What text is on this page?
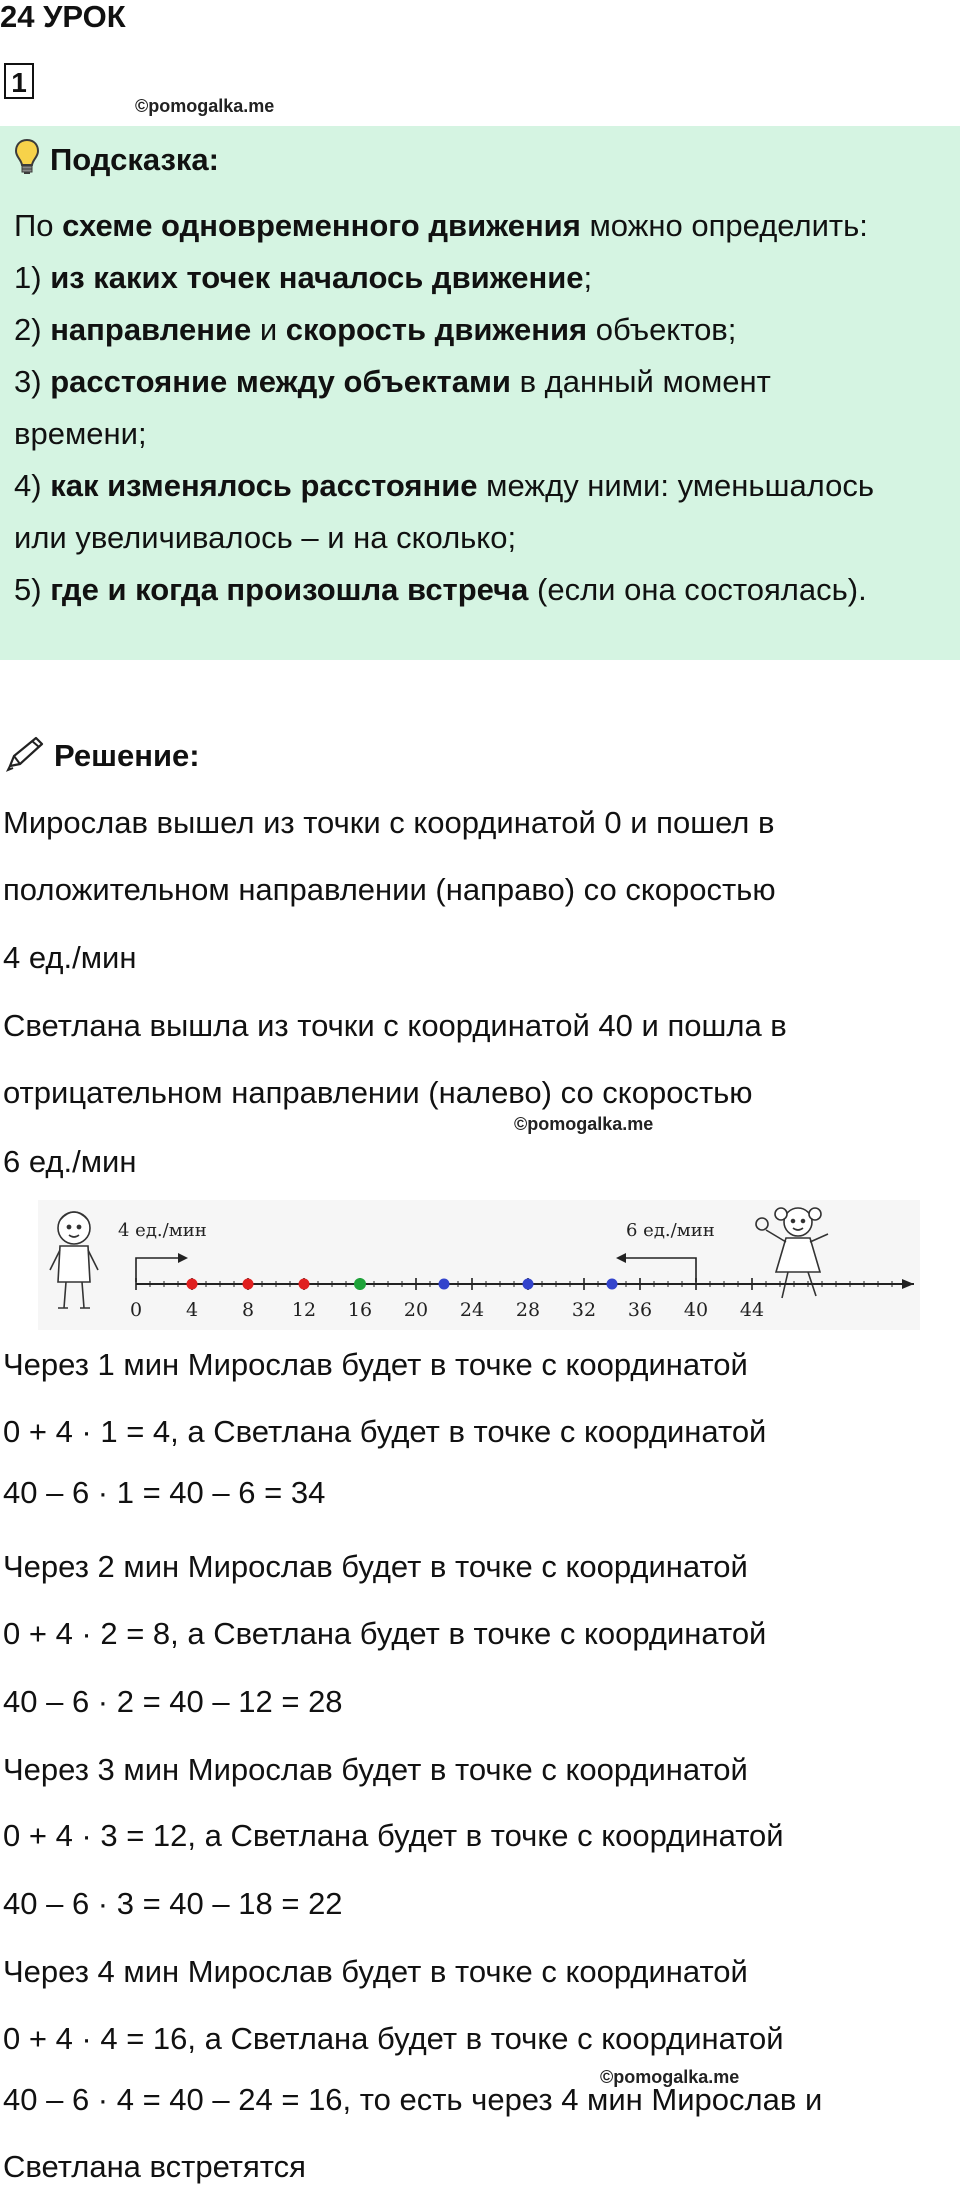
24 УРОК
1
©pomogalka.me
Подсказка:

По схеме одновременного движения можно определить:

1) из каких точек началось движение;

2) направление и скорость движения объектов;

3) расстояние между объектами в данный момент

времени;

4) как изменялось расстояние между ними: уменьшалось

или увеличивалось – и на сколько;

5) где и когда произошла встреча (если она состоялась).

Решение:
Мирослав вышел из точки с координатой 0 и пошел в
положительном направлении (направо) со скоростью
4 ед./мин
Светлана вышла из точки с координатой 40 и пошла в
отрицательном направлении (налево) со скоростью
©pomogalka.me
6 ед./мин
0 4 8 12 16 20 24 28 32 36 40 44
4 ед./мин	6 ед./мин
Через 1 мин Мирослав будет в точке с координатой
0 + 4 · 1 = 4, а Светлана будет в точке с координатой
40 – 6 · 1 = 40 – 6 = 34
Через 2 мин Мирослав будет в точке с координатой
0 + 4 · 2 = 8, а Светлана будет в точке с координатой
40 – 6 · 2 = 40 – 12 = 28
Через 3 мин Мирослав будет в точке с координатой
0 + 4 · 3 = 12, а Светлана будет в точке с координатой
40 – 6 · 3 = 40 – 18 = 22
Через 4 мин Мирослав будет в точке с координатой
0 + 4 · 4 = 16, а Светлана будет в точке с координатой
©pomogalka.me
40 – 6 · 4 = 40 – 24 = 16, то есть через 4 мин Мирослав и
Светлана встретятся
